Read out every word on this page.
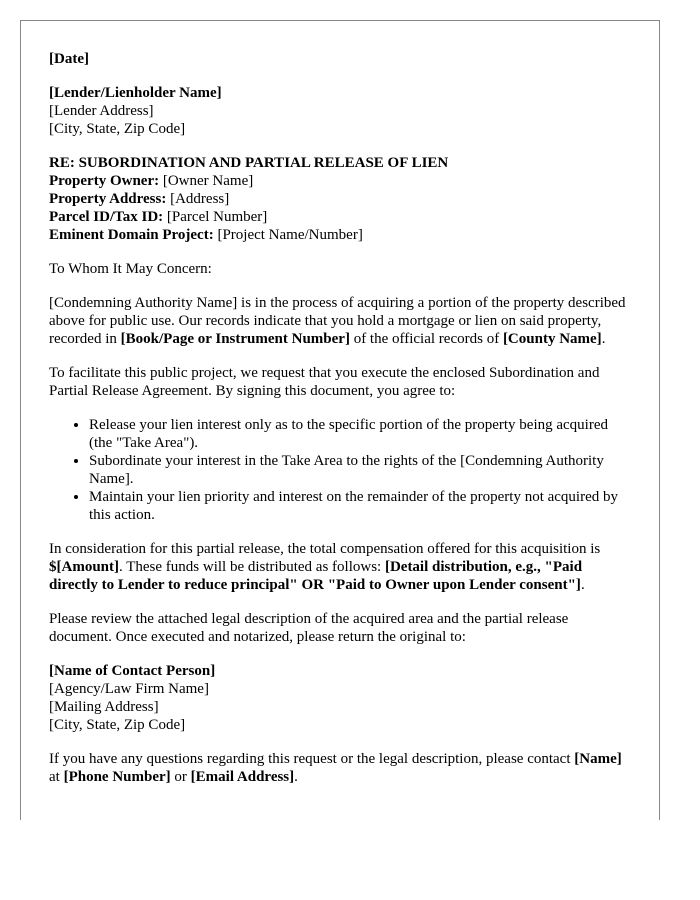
[Date]

[Lender/Lienholder Name]
[Lender Address]
[City, State, Zip Code]
RE: SUBORDINATION AND PARTIAL RELEASE OF LIEN
Property Owner: [Owner Name]
Property Address: [Address]
Parcel ID/Tax ID: [Parcel Number]
Eminent Domain Project: [Project Name/Number]

To Whom It May Concern:

[Condemning Authority Name] is in the process of acquiring a portion of the property described above for public use. Our records indicate that you hold a mortgage or lien on said property, recorded in [Book/Page or Instrument Number] of the official records of [County Name].

To facilitate this public project, we request that you execute the enclosed Subordination and Partial Release Agreement. By signing this document, you agree to:

• Release your lien interest only as to the specific portion of the property being acquired (the "Take Area").
• Subordinate your interest in the Take Area to the rights of the [Condemning Authority Name].
• Maintain your lien priority and interest on the remainder of the property not acquired by this action.

In consideration for this partial release, the total compensation offered for this acquisition is $[Amount]. These funds will be distributed as follows: [Detail distribution, e.g., "Paid directly to Lender to reduce principal" OR "Paid to Owner upon Lender consent"].

Please review the attached legal description of the acquired area and the partial release document. Once executed and notarized, please return the original to:

[Name of Contact Person]
[Agency/Law Firm Name]
[Mailing Address]
[City, State, Zip Code]

If you have any questions regarding this request or the legal description, please contact [Name] at [Phone Number] or [Email Address].
